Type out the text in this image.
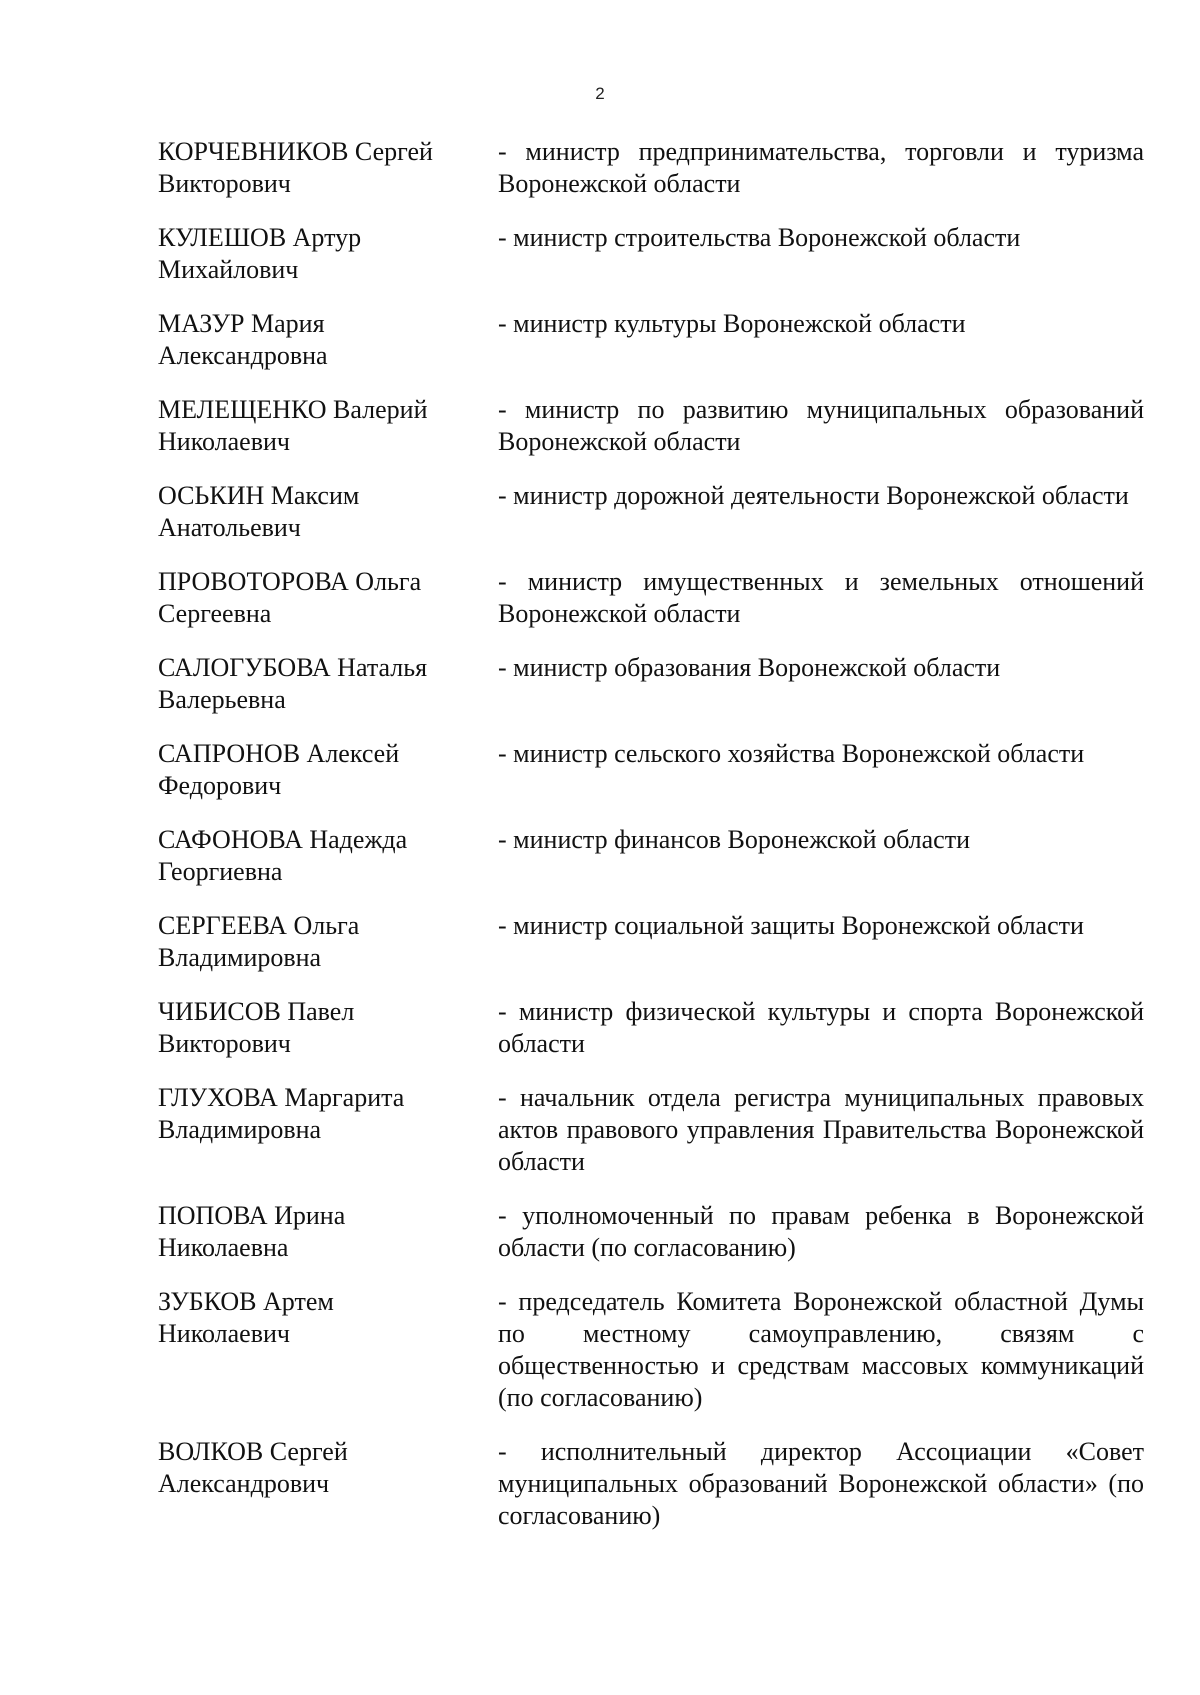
2
КОРЧЕВНИКОВ Сергей
Викторович
- министр предпринимательства, торговли и туризма Воронежской области
КУЛЕШОВ Артур
Михайлович
- министр строительства Воронежской области
МАЗУР Мария
Александровна
- министр культуры Воронежской области
МЕЛЕЩЕНКО Валерий
Николаевич
- министр по развитию муниципальных образований Воронежской области
ОСЬКИН Максим
Анатольевич
- министр дорожной деятельности Воронежской области
ПРОВОТОРОВА Ольга
Сергеевна
- министр имущественных и земельных отношений Воронежской области
САЛОГУБОВА Наталья
Валерьевна
- министр образования Воронежской области
САПРОНОВ Алексей
Федорович
- министр сельского хозяйства Воронежской области
САФОНОВА Надежда
Георгиевна
- министр финансов Воронежской области
СЕРГЕЕВА Ольга
Владимировна
- министр социальной защиты Воронежской области
ЧИБИСОВ Павел
Викторович
- министр физической культуры и спорта Воронежской области
ГЛУХОВА Маргарита
Владимировна
- начальник отдела регистра муниципальных правовых актов правового управления Правительства Воронежской области
ПОПОВА Ирина
Николаевна
- уполномоченный по правам ребенка в Воронежской области (по согласованию)
ЗУБКОВ Артем
Николаевич
- председатель Комитета Воронежской областной Думы по местному самоуправлению, связям с общественностью и средствам массовых коммуникаций (по согласованию)
ВОЛКОВ Сергей
Александрович
- исполнительный директор Ассоциации «Совет муниципальных образований Воронежской области» (по согласованию)
